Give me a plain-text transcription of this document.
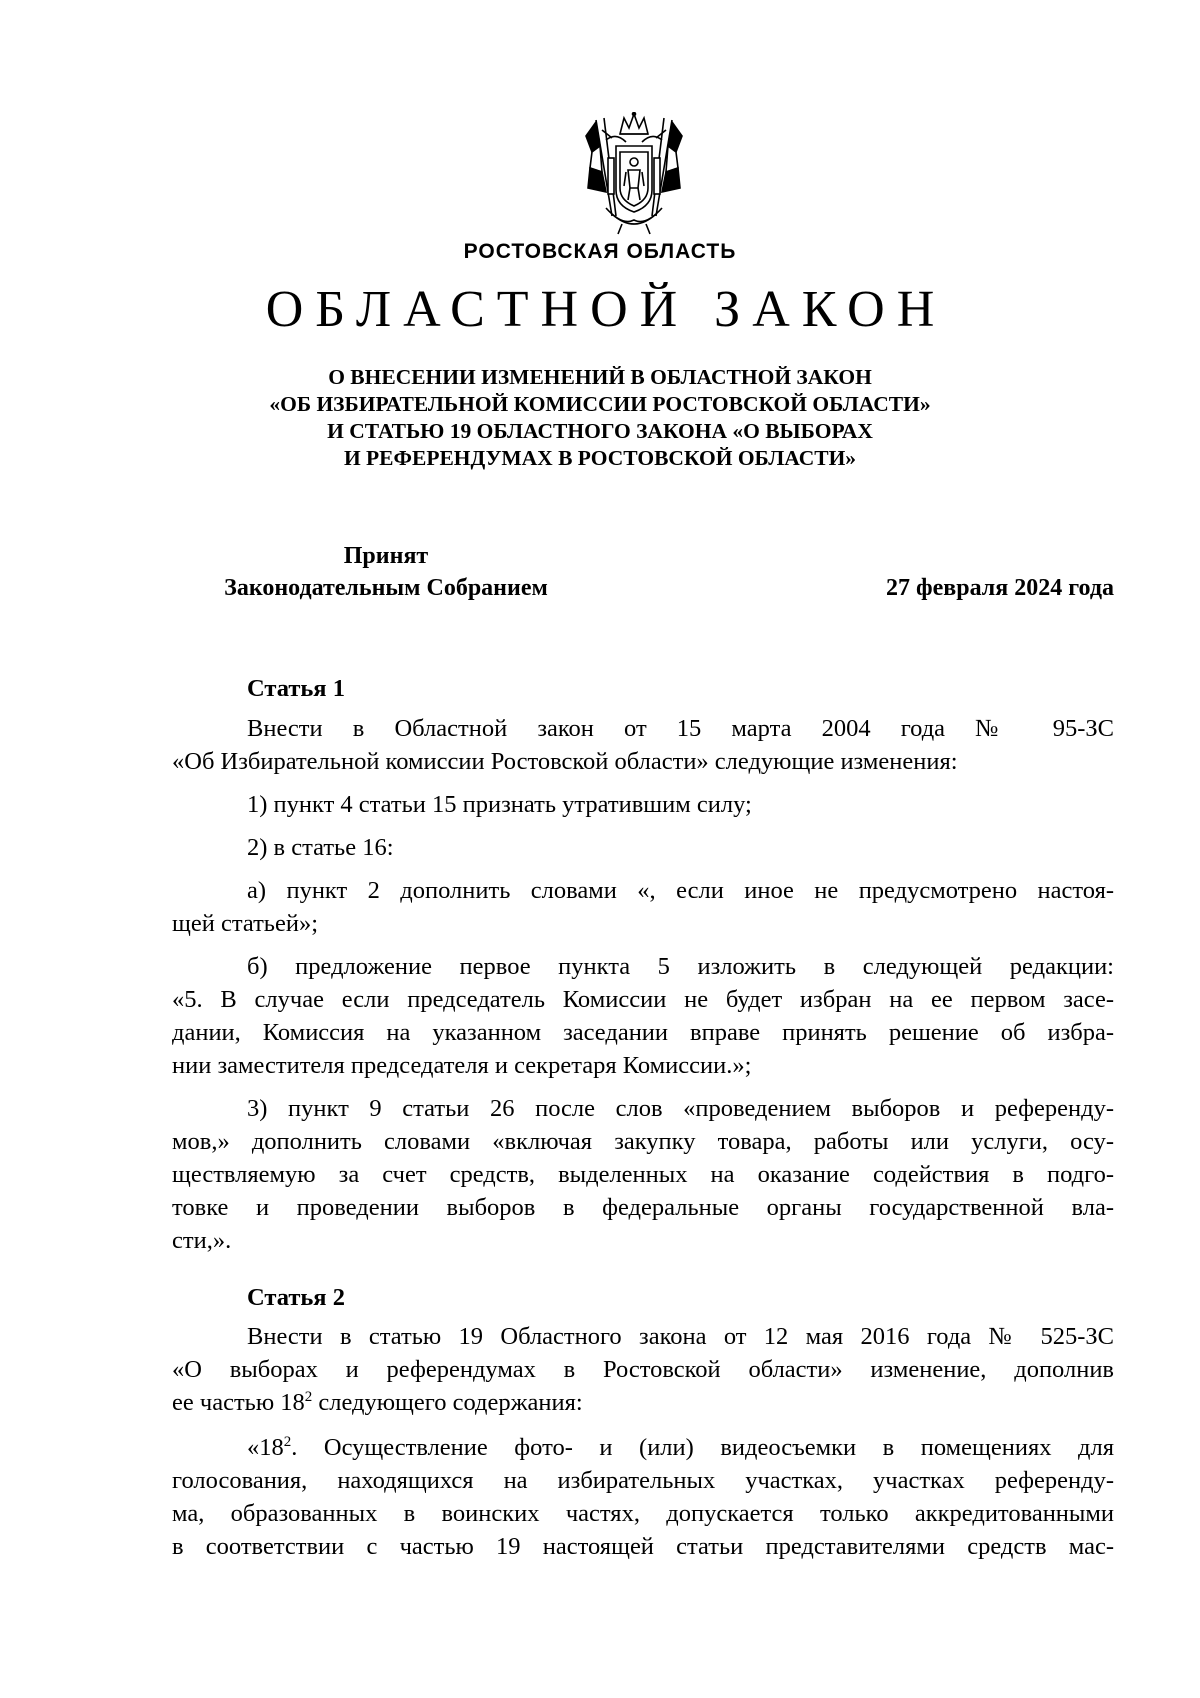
РОСТОВСКАЯ ОБЛАСТЬ
ОБЛАСТНОЙ ЗАКОН
О ВНЕСЕНИИ ИЗМЕНЕНИЙ В ОБЛАСТНОЙ ЗАКОН
«ОБ ИЗБИРАТЕЛЬНОЙ КОМИССИИ РОСТОВСКОЙ ОБЛАСТИ»
И СТАТЬЮ 19 ОБЛАСТНОГО ЗАКОНА «О ВЫБОРАХ
И РЕФЕРЕНДУМАХ В РОСТОВСКОЙ ОБЛАСТИ»
Принят
Законодательным Собранием	27 февраля 2024 года
Статья 1
Внести в Областной закон от 15 марта 2004 года № 95-ЗС
«Об Избирательной комиссии Ростовской области» следующие изменения:
1) пункт 4 статьи 15 признать утратившим силу;
2) в статье 16:
а) пункт 2 дополнить словами «, если иное не предусмотрено настоя-
щей статьей»;
б) предложение первое пункта 5 изложить в следующей редакции:
«5. В случае если председатель Комиссии не будет избран на ее первом засе-
дании, Комиссия на указанном заседании вправе принять решение об избра-
нии заместителя председателя и секретаря Комиссии.»;
3) пункт 9 статьи 26 после слов «проведением выборов и референду-
мов,» дополнить словами «включая закупку товара, работы или услуги, осу-
ществляемую за счет средств, выделенных на оказание содействия в подго-
товке и проведении выборов в федеральные органы государственной вла-
сти,».
Статья 2
Внести в статью 19 Областного закона от 12 мая 2016 года № 525-ЗС
«О выборах и референдумах в Ростовской области» изменение, дополнив
ее частью $18^2$ следующего содержания:
«$18^2$. Осуществление фото- и (или) видеосъемки в помещениях для
голосования, находящихся на избирательных участках, участках референду-
ма, образованных в воинских частях, допускается только аккредитованными
в соответствии с частью 19 настоящей статьи представителями средств мас-
